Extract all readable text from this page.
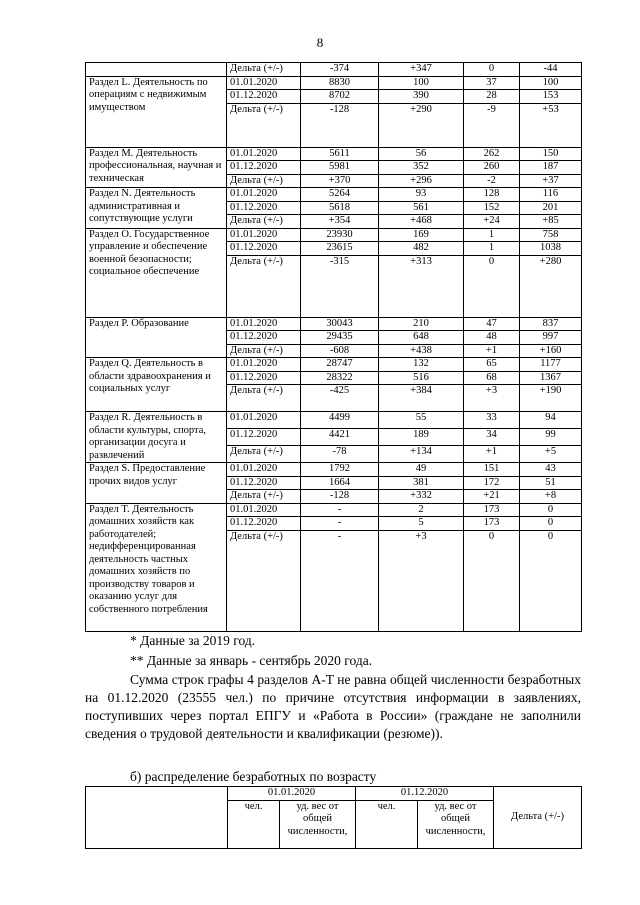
8
	Дельта (+/-)	-374	+347	0	-44
Раздел L. Деятельность по операциям с недвижимым имуществом	01.01.2020	8830	100	37	100
	01.12.2020	8702	390	28	153
	Дельта (+/-)	-128	+290	-9	+53
Раздел M. Деятельность профессиональная, научная и техническая	01.01.2020	5611	56	262	150
	01.12.2020	5981	352	260	187
	Дельта (+/-)	+370	+296	-2	+37
Раздел N. Деятельность административная и сопутствующие услуги	01.01.2020	5264	93	128	116
	01.12.2020	5618	561	152	201
	Дельта (+/-)	+354	+468	+24	+85
Раздел O. Государственное управление и обеспечение военной безопасности; социальное обеспечение	01.01.2020	23930	169	1	758
	01.12.2020	23615	482	1	1038
	Дельта (+/-)	-315	+313	0	+280
Раздел P. Образование	01.01.2020	30043	210	47	837
	01.12.2020	29435	648	48	997
	Дельта (+/-)	-608	+438	+1	+160
Раздел Q. Деятельность в области здравоохранения и социальных услуг	01.01.2020	28747	132	65	1177
	01.12.2020	28322	516	68	1367
	Дельта (+/-)	-425	+384	+3	+190
Раздел R. Деятельность в области культуры, спорта, организации досуга и развлечений	01.01.2020	4499	55	33	94
	01.12.2020	4421	189	34	99
	Дельта (+/-)	-78	+134	+1	+5
Раздел S. Предоставление прочих видов услуг	01.01.2020	1792	49	151	43
	01.12.2020	1664	381	172	51
	Дельта (+/-)	-128	+332	+21	+8
Раздел T. Деятельность домашних хозяйств как работодателей; недифференцированная деятельность частных домашних хозяйств по производству товаров и оказанию услуг для собственного потребления	01.01.2020	-	2	173	0
	01.12.2020	-	5	173	0
	Дельта (+/-)	-	+3	0	0
* Данные за 2019 год.
** Данные за январь - сентябрь 2020 года.
Сумма строк графы 4 разделов A-T не равна общей численности безработных на 01.12.2020 (23555 чел.) по причине отсутствия информации в заявлениях, поступивших через портал ЕПГУ и «Работа в России» (граждане не заполнили сведения о трудовой деятельности и квалификации (резюме)).
б) распределение безработных по возрасту
	01.01.2020		01.12.2020		Дельта (+/-)
	чел.	уд. вес от общей численности,	чел.	уд. вес от общей численности,	
